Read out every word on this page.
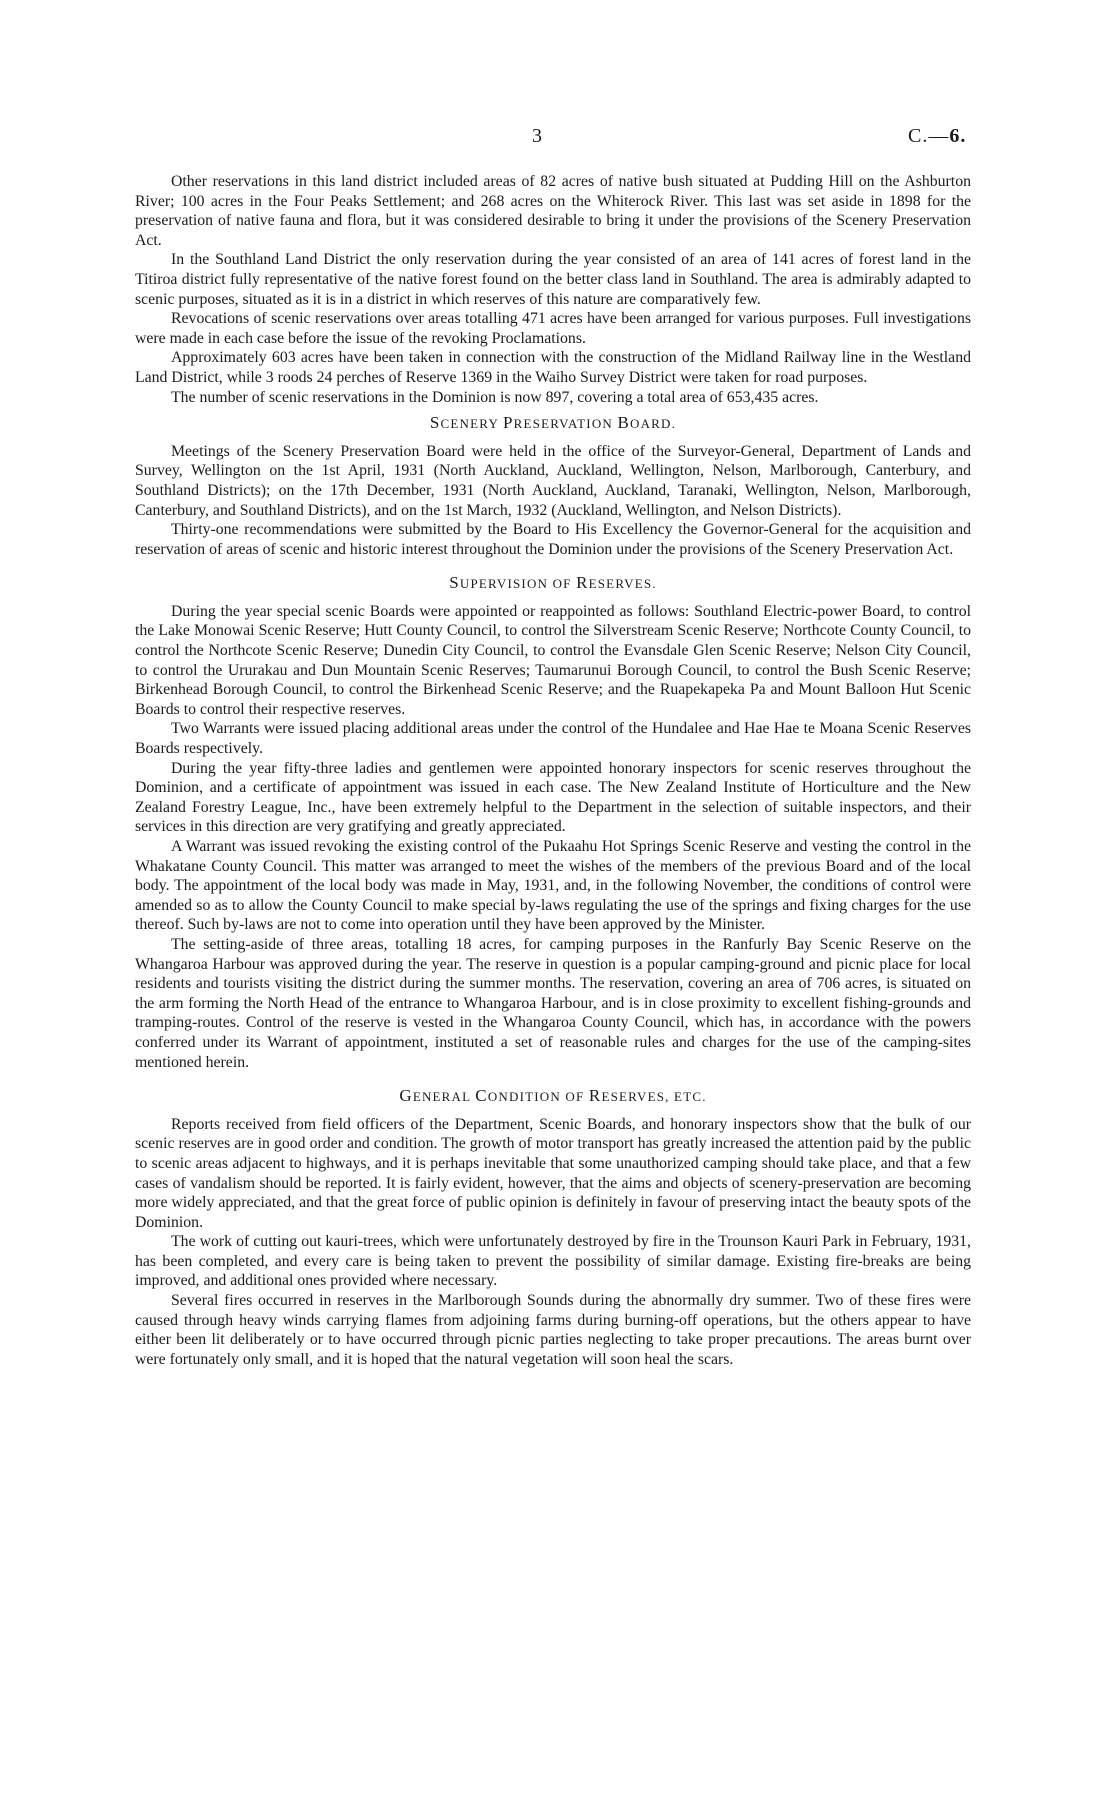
3	C.—6.

Other reservations in this land district included areas of 82 acres of native bush situated at Pudding Hill on the Ashburton River; 100 acres in the Four Peaks Settlement; and 268 acres on the Whiterock River. This last was set aside in 1898 for the preservation of native fauna and flora, but it was considered desirable to bring it under the provisions of the Scenery Preservation Act.

In the Southland Land District the only reservation during the year consisted of an area of 141 acres of forest land in the Titiroa district fully representative of the native forest found on the better class land in Southland. The area is admirably adapted to scenic purposes, situated as it is in a district in which reserves of this nature are comparatively few.

Revocations of scenic reservations over areas totalling 471 acres have been arranged for various purposes. Full investigations were made in each case before the issue of the revoking Proclamations.

Approximately 603 acres have been taken in connection with the construction of the Midland Railway line in the Westland Land District, while 3 roods 24 perches of Reserve 1369 in the Waiho Survey District were taken for road purposes.

The number of scenic reservations in the Dominion is now 897, covering a total area of 653,435 acres.

SCENERY PRESERVATION BOARD.

Meetings of the Scenery Preservation Board were held in the office of the Surveyor-General, Department of Lands and Survey, Wellington on the 1st April, 1931 (North Auckland, Auckland, Wellington, Nelson, Marlborough, Canterbury, and Southland Districts); on the 17th December, 1931 (North Auckland, Auckland, Taranaki, Wellington, Nelson, Marlborough, Canterbury, and Southland Districts), and on the 1st March, 1932 (Auckland, Wellington, and Nelson Districts).

Thirty-one recommendations were submitted by the Board to His Excellency the Governor-General for the acquisition and reservation of areas of scenic and historic interest throughout the Dominion under the provisions of the Scenery Preservation Act.

SUPERVISION OF RESERVES.

During the year special scenic Boards were appointed or reappointed as follows: Southland Electric-power Board, to control the Lake Monowai Scenic Reserve; Hutt County Council, to control the Silverstream Scenic Reserve; Northcote County Council, to control the Northcote Scenic Reserve; Dunedin City Council, to control the Evansdale Glen Scenic Reserve; Nelson City Council, to control the Ururakau and Dun Mountain Scenic Reserves; Taumarunui Borough Council, to control the Bush Scenic Reserve; Birkenhead Borough Council, to control the Birkenhead Scenic Reserve; and the Ruapekapeka Pa and Mount Balloon Hut Scenic Boards to control their respective reserves.

Two Warrants were issued placing additional areas under the control of the Hundalee and Hae Hae te Moana Scenic Reserves Boards respectively.

During the year fifty-three ladies and gentlemen were appointed honorary inspectors for scenic reserves throughout the Dominion, and a certificate of appointment was issued in each case. The New Zealand Institute of Horticulture and the New Zealand Forestry League, Inc., have been extremely helpful to the Department in the selection of suitable inspectors, and their services in this direction are very gratifying and greatly appreciated.

A Warrant was issued revoking the existing control of the Pukaahu Hot Springs Scenic Reserve and vesting the control in the Whakatane County Council. This matter was arranged to meet the wishes of the members of the previous Board and of the local body. The appointment of the local body was made in May, 1931, and, in the following November, the conditions of control were amended so as to allow the County Council to make special by-laws regulating the use of the springs and fixing charges for the use thereof. Such by-laws are not to come into operation until they have been approved by the Minister.

The setting-aside of three areas, totalling 18 acres, for camping purposes in the Ranfurly Bay Scenic Reserve on the Whangaroa Harbour was approved during the year. The reserve in question is a popular camping-ground and picnic place for local residents and tourists visiting the district during the summer months. The reservation, covering an area of 706 acres, is situated on the arm forming the North Head of the entrance to Whangaroa Harbour, and is in close proximity to excellent fishing-grounds and tramping-routes. Control of the reserve is vested in the Whangaroa County Council, which has, in accordance with the powers conferred under its Warrant of appointment, instituted a set of reasonable rules and charges for the use of the camping-sites mentioned herein.

GENERAL CONDITION OF RESERVES, ETC.

Reports received from field officers of the Department, Scenic Boards, and honorary inspectors show that the bulk of our scenic reserves are in good order and condition. The growth of motor transport has greatly increased the attention paid by the public to scenic areas adjacent to highways, and it is perhaps inevitable that some unauthorized camping should take place, and that a few cases of vandalism should be reported. It is fairly evident, however, that the aims and objects of scenery-preservation are becoming more widely appreciated, and that the great force of public opinion is definitely in favour of preserving intact the beauty spots of the Dominion.

The work of cutting out kauri-trees, which were unfortunately destroyed by fire in the Trounson Kauri Park in February, 1931, has been completed, and every care is being taken to prevent the possibility of similar damage. Existing fire-breaks are being improved, and additional ones provided where necessary.

Several fires occurred in reserves in the Marlborough Sounds during the abnormally dry summer. Two of these fires were caused through heavy winds carrying flames from adjoining farms during burning-off operations, but the others appear to have either been lit deliberately or to have occurred through picnic parties neglecting to take proper precautions. The areas burnt over were fortunately only small, and it is hoped that the natural vegetation will soon heal the scars.
